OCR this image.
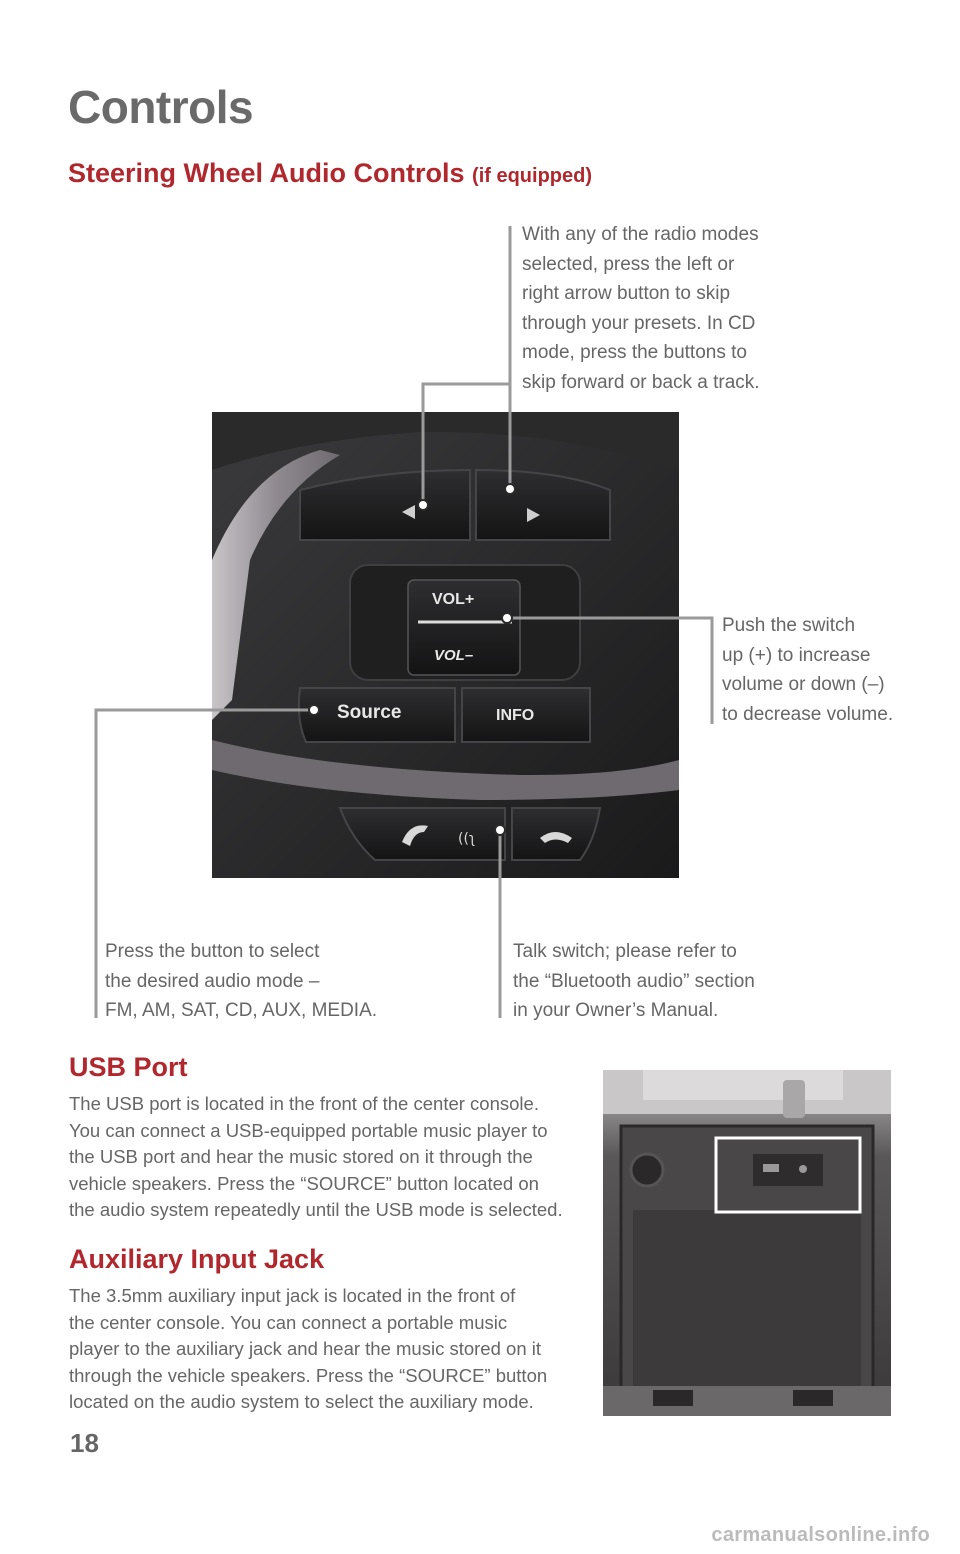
Controls
Steering Wheel Audio Controls (if equipped)
With any of the radio modes
selected, press the left or
right arrow button to skip
through your presets. In CD
mode, press the buttons to
skip forward or back a track.
Push the switch
up (+) to increase
volume or down (–)
to decrease volume.
Press the button to select
the desired audio mode –
FM, AM, SAT, CD, AUX, MEDIA.
Talk switch; please refer to
the “Bluetooth audio” section
in your Owner’s Manual.
VOL+
VOL–
Source	INFO
((ʅ
USB Port

The USB port is located in the front of the center console.

You can connect a USB-equipped portable music player to

the USB port and hear the music stored on it through the

vehicle speakers. Press the “SOURCE” button located on

the audio system repeatedly until the USB mode is selected.

Auxiliary Input Jack

The 3.5mm auxiliary input jack is located in the front of

the center console. You can connect a portable music

player to the auxiliary jack and hear the music stored on it

through the vehicle speakers. Press the “SOURCE” button

located on the audio system to select the auxiliary mode.

18
carmanualsonline.info
